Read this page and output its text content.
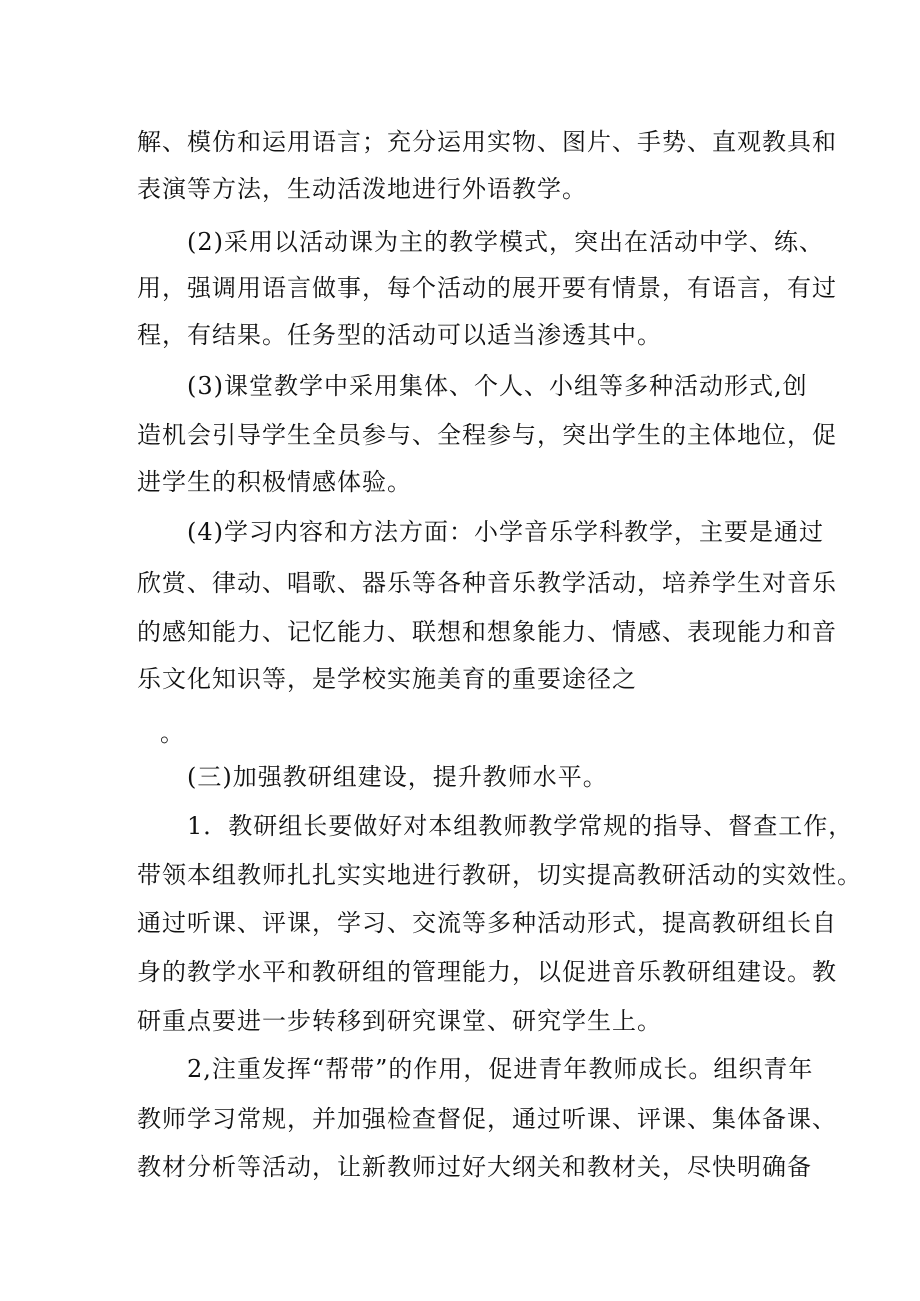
解、模仿和运用语言；充分运用实物、图片、手势、直观教具和
表演等方法，生动活泼地进行外语教学。
(2)采用以活动课为主的教学模式，突出在活动中学、练、
用，强调用语言做事，每个活动的展开要有情景，有语言，有过
程，有结果。任务型的活动可以适当渗透其中。
(3)课堂教学中采用集体、个人、小组等多种活动形式,创
造机会引导学生全员参与、全程参与，突出学生的主体地位，促
进学生的积极情感体验。
(4)学习内容和方法方面：小学音乐学科教学，主要是通过
欣赏、律动、唱歌、器乐等各种音乐教学活动，培养学生对音乐
的感知能力、记忆能力、联想和想象能力、情感、表现能力和音
乐文化知识等，是学校实施美育的重要途径之
。
(三)加强教研组建设，提升教师水平。
1．教研组长要做好对本组教师教学常规的指导、督查工作，
带领本组教师扎扎实实地进行教研，切实提高教研活动的实效性。
通过听课、评课，学习、交流等多种活动形式，提高教研组长自
身的教学水平和教研组的管理能力，以促进音乐教研组建设。教
研重点要进一步转移到研究课堂、研究学生上。
2,注重发挥“帮带”的作用，促进青年教师成长。组织青年
教师学习常规，并加强检查督促，通过听课、评课、集体备课、
教材分析等活动，让新教师过好大纲关和教材关，尽快明确备
